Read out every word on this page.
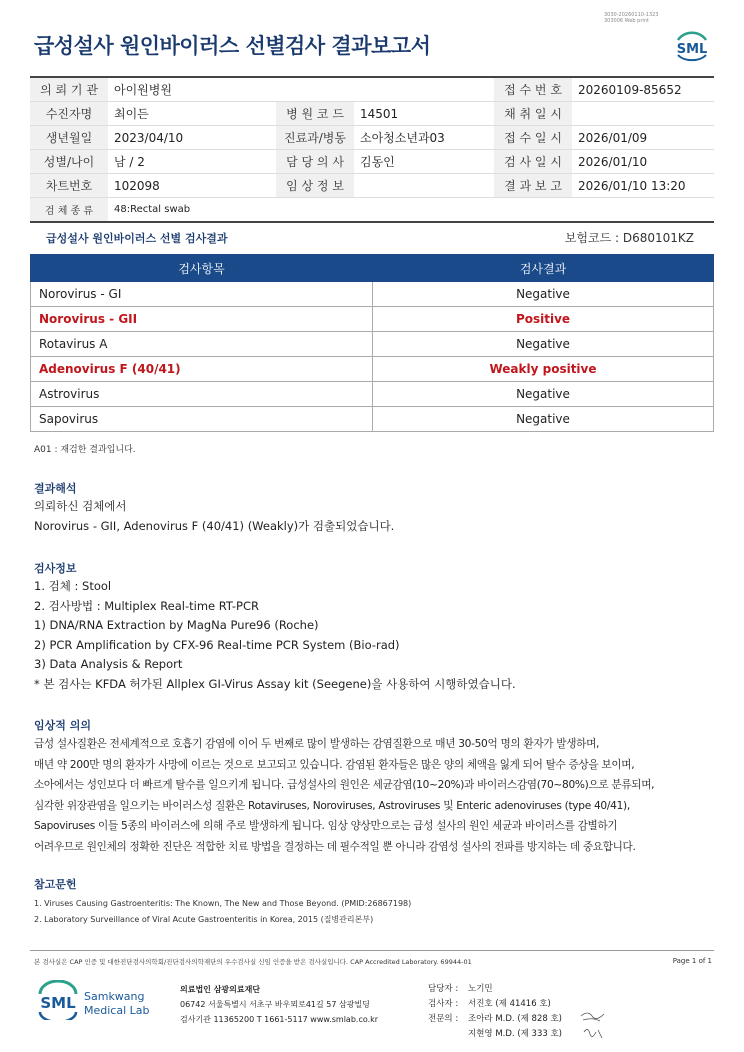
급성설사 원인바이러스 선별검사 결과보고서
3030-20260110-1323
303006 Web print
SML
의 뢰 기 관	아이원병원			접 수 번 호	20260109-85652
수진자명	최이든	병 원 코 드	14501	채 취 일 시	
생년월일	2023/04/10	진료과/병동	소아청소년과03	접 수 일 시	2026/01/09
성별/나이	남 / 2	담 당 의 사	김동인	검 사 일 시	2026/01/10
차트번호	102098	임 상 정 보		결 과 보 고	2026/01/10 13:20
검 체 종 류	48:Rectal swab				
급성설사 원인바이러스 선별 검사결과	보험코드 : D680101KZ
검사항목	검사결과
Norovirus - GI	Negative
Norovirus - GII	Positive
Rotavirus A	Negative
Adenovirus F (40/41)	Weakly positive
Astrovirus	Negative
Sapovirus	Negative
A01 : 재검한 결과입니다.
결과해석
의뢰하신 검체에서
Norovirus - GII, Adenovirus F (40/41) (Weakly)가 검출되었습니다.
검사정보
1. 검체 : Stool
2. 검사방법 : Multiplex Real-time RT-PCR
1) DNA/RNA Extraction by MagNa Pure96 (Roche)
2) PCR Amplification by CFX-96 Real-time PCR System (Bio-rad)
3) Data Analysis & Report
* 본 검사는 KFDA 허가된 Allplex GI-Virus Assay kit (Seegene)을 사용하여 시행하였습니다.
임상적 의의
급성 설사질환은 전세계적으로 호흡기 감염에 이어 두 번째로 많이 발생하는 감염질환으로 매년 30-50억 명의 환자가 발생하며,
매년 약 200만 명의 환자가 사망에 이르는 것으로 보고되고 있습니다. 감염된 환자들은 많은 양의 체액을 잃게 되어 탈수 증상을 보이며,
소아에서는 성인보다 더 빠르게 탈수를 일으키게 됩니다. 급성설사의 원인은 세균감염(10~20%)과 바이러스감염(70~80%)으로 분류되며,
심각한 위장관염을 일으키는 바이러스성 질환은 Rotaviruses, Noroviruses, Astroviruses 및 Enteric adenoviruses (type 40/41),
Sapoviruses 이들 5종의 바이러스에 의해 주로 발생하게 됩니다. 임상 양상만으로는 급성 설사의 원인 세균과 바이러스를 감별하기
어려우므로 원인체의 정확한 진단은 적합한 치료 방법을 결정하는 데 필수적일 뿐 아니라 감염성 설사의 전파를 방지하는 데 중요합니다.
참고문헌
1. Viruses Causing Gastroenteritis: The Known, The New and Those Beyond. (PMID:26867198)
2. Laboratory Surveillance of Viral Acute Gastroenteritis in Korea, 2015 (질병관리본부)
본 검사실은 CAP 인증 및 대한진단검사의학회/진단검사의학재단의 우수검사실 신임 인증을 받은 검사실입니다. CAP Accredited Laboratory. 69944-01	Page 1 of 1
SML Samkwang
Medical Lab
의료법인 삼광의료재단
06742 서울특별시 서초구 바우뫼로41길 57 삼광빌딩
검사기관 11365200 T 1661-5117 www.smlab.co.kr
담당자 : 노기민
검사자 : 서진호 (제 41416 호)
전문의 : 조아라 M.D. (제 828 호)
지현영 M.D. (제 333 호)
